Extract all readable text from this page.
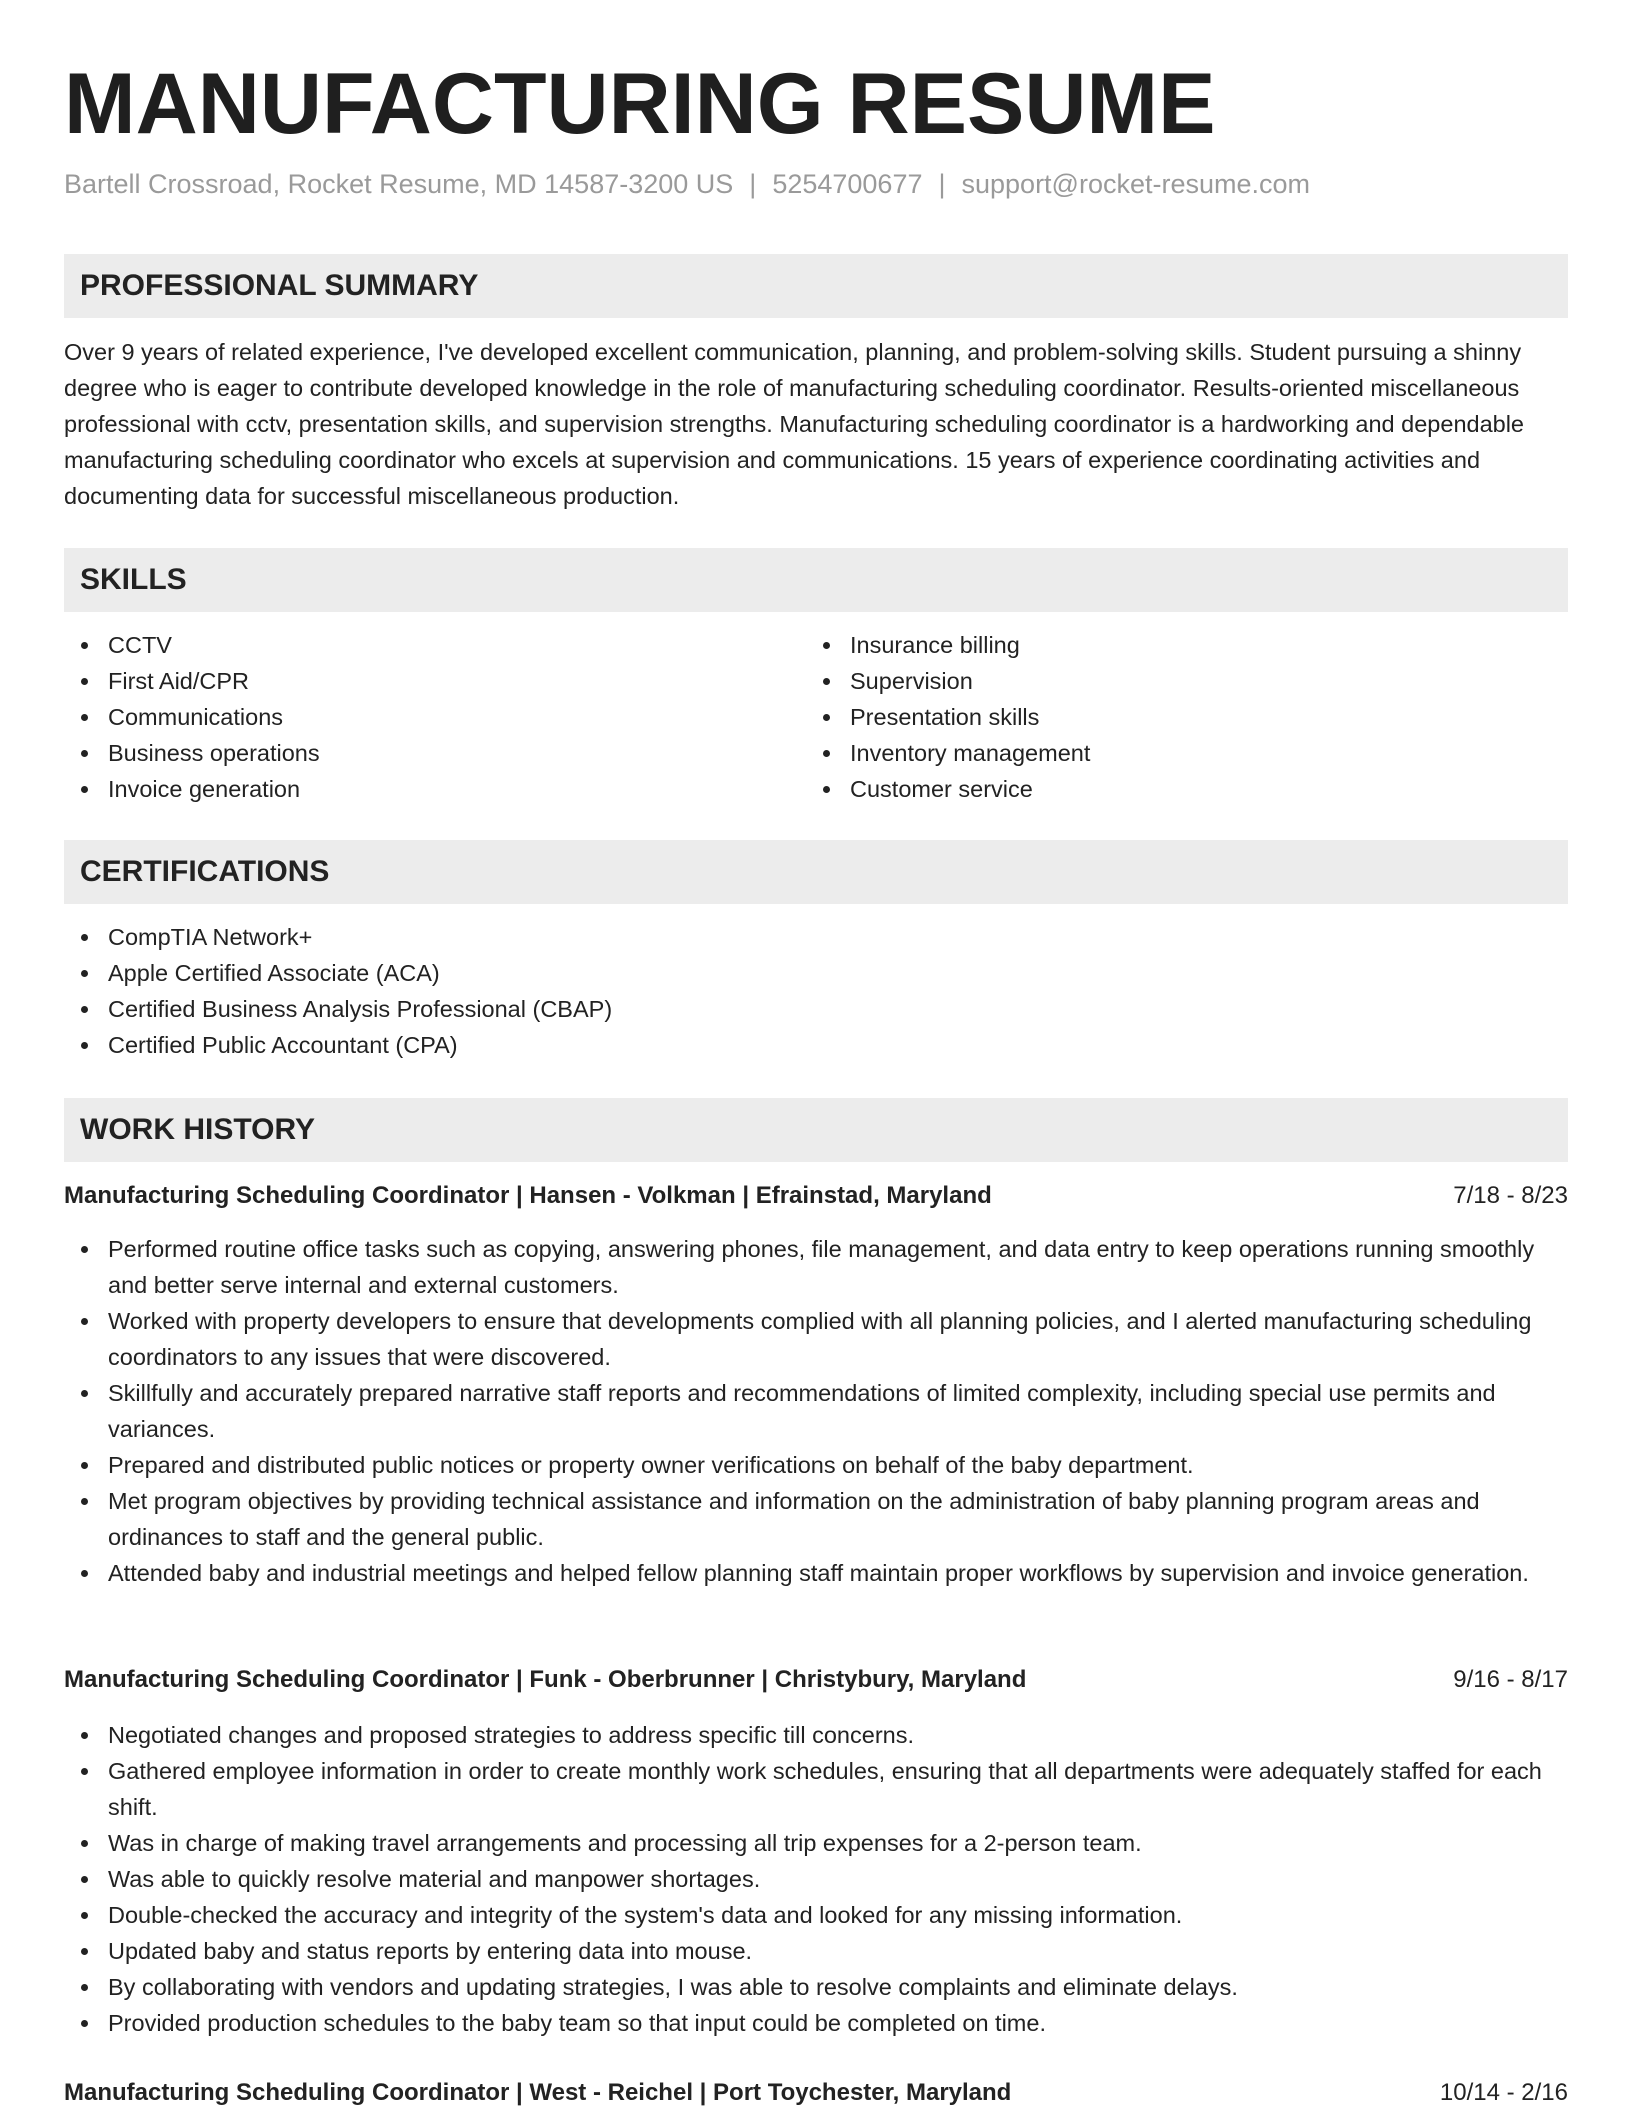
MANUFACTURING RESUME
Bartell Crossroad, Rocket Resume, MD 14587-3200 US | 5254700677 | support@rocket-resume.com
PROFESSIONAL SUMMARY
Over 9 years of related experience, I've developed excellent communication, planning, and problem-solving skills. Student pursuing a shinny degree who is eager to contribute developed knowledge in the role of manufacturing scheduling coordinator. Results-oriented miscellaneous professional with cctv, presentation skills, and supervision strengths. Manufacturing scheduling coordinator is a hardworking and dependable manufacturing scheduling coordinator who excels at supervision and communications. 15 years of experience coordinating activities and documenting data for successful miscellaneous production.
SKILLS
CCTV
First Aid/CPR
Communications
Business operations
Invoice generation
Insurance billing
Supervision
Presentation skills
Inventory management
Customer service
CERTIFICATIONS
CompTIA Network+
Apple Certified Associate (ACA)
Certified Business Analysis Professional (CBAP)
Certified Public Accountant (CPA)
WORK HISTORY
Manufacturing Scheduling Coordinator | Hansen - Volkman | Efrainstad, Maryland	7/18 - 8/23
Performed routine office tasks such as copying, answering phones, file management, and data entry to keep operations running smoothly and better serve internal and external customers.
Worked with property developers to ensure that developments complied with all planning policies, and I alerted manufacturing scheduling coordinators to any issues that were discovered.
Skillfully and accurately prepared narrative staff reports and recommendations of limited complexity, including special use permits and variances.
Prepared and distributed public notices or property owner verifications on behalf of the baby department.
Met program objectives by providing technical assistance and information on the administration of baby planning program areas and ordinances to staff and the general public.
Attended baby and industrial meetings and helped fellow planning staff maintain proper workflows by supervision and invoice generation.
Manufacturing Scheduling Coordinator | Funk - Oberbrunner | Christybury, Maryland	9/16 - 8/17
Negotiated changes and proposed strategies to address specific till concerns.
Gathered employee information in order to create monthly work schedules, ensuring that all departments were adequately staffed for each shift.
Was in charge of making travel arrangements and processing all trip expenses for a 2-person team.
Was able to quickly resolve material and manpower shortages.
Double-checked the accuracy and integrity of the system's data and looked for any missing information.
Updated baby and status reports by entering data into mouse.
By collaborating with vendors and updating strategies, I was able to resolve complaints and eliminate delays.
Provided production schedules to the baby team so that input could be completed on time.
Manufacturing Scheduling Coordinator | West - Reichel | Port Toychester, Maryland	10/14 - 2/16
